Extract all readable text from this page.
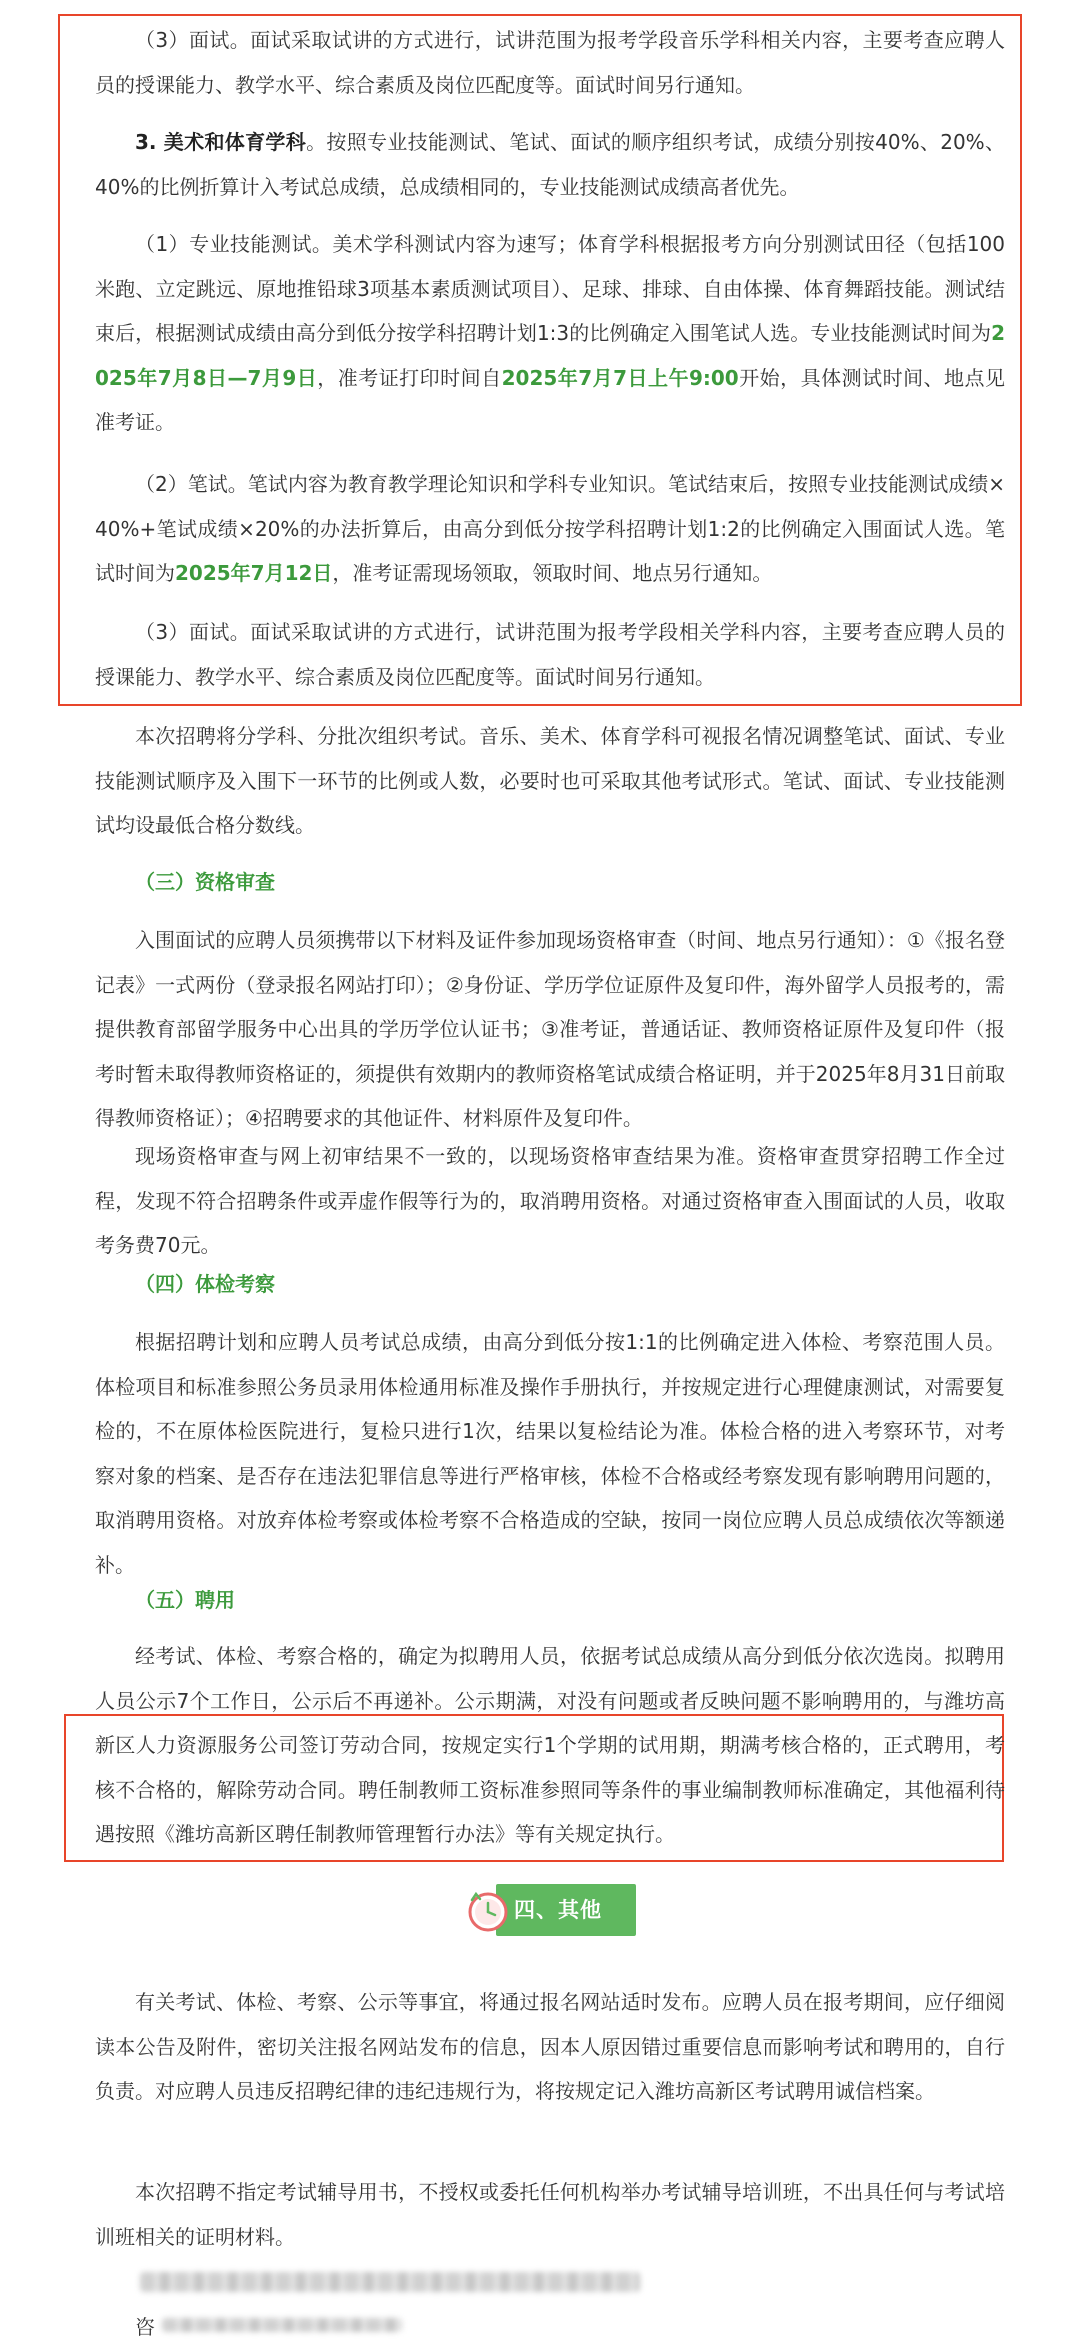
（3）面试。面试采取试讲的方式进行，试讲范围为报考学段音乐学科相关内容，主要考查应聘人员的授课能力、教学水平、综合素质及岗位匹配度等。面试时间另行通知。

3. 美术和体育学科。按照专业技能测试、笔试、面试的顺序组织考试，成绩分别按40%、20%、40%的比例折算计入考试总成绩，总成绩相同的，专业技能测试成绩高者优先。

（1）专业技能测试。美术学科测试内容为速写；体育学科根据报考方向分别测试田径（包括100米跑、立定跳远、原地推铅球3项基本素质测试项目）、足球、排球、自由体操、体育舞蹈技能。测试结束后，根据测试成绩由高分到低分按学科招聘计划1:3的比例确定入围笔试人选。专业技能测试时间为2025年7月8日—7月9日，准考证打印时间自2025年7月7日上午9:00开始，具体测试时间、地点见准考证。

（2）笔试。笔试内容为教育教学理论知识和学科专业知识。笔试结束后，按照专业技能测试成绩×40%+笔试成绩×20%的办法折算后，由高分到低分按学科招聘计划1:2的比例确定入围面试人选。笔试时间为2025年7月12日，准考证需现场领取，领取时间、地点另行通知。

（3）面试。面试采取试讲的方式进行，试讲范围为报考学段相关学科内容，主要考查应聘人员的授课能力、教学水平、综合素质及岗位匹配度等。面试时间另行通知。

本次招聘将分学科、分批次组织考试。音乐、美术、体育学科可视报名情况调整笔试、面试、专业技能测试顺序及入围下一环节的比例或人数，必要时也可采取其他考试形式。笔试、面试、专业技能测试均设最低合格分数线。

（三）资格审查

入围面试的应聘人员须携带以下材料及证件参加现场资格审查（时间、地点另行通知）：①《报名登记表》一式两份（登录报名网站打印）；②身份证、学历学位证原件及复印件，海外留学人员报考的，需提供教育部留学服务中心出具的学历学位认证书；③准考证，普通话证、教师资格证原件及复印件（报考时暂未取得教师资格证的，须提供有效期内的教师资格笔试成绩合格证明，并于2025年8月31日前取得教师资格证）；④招聘要求的其他证件、材料原件及复印件。

现场资格审查与网上初审结果不一致的，以现场资格审查结果为准。资格审查贯穿招聘工作全过程，发现不符合招聘条件或弄虚作假等行为的，取消聘用资格。对通过资格审查入围面试的人员，收取考务费70元。

（四）体检考察

根据招聘计划和应聘人员考试总成绩，由高分到低分按1:1的比例确定进入体检、考察范围人员。体检项目和标准参照公务员录用体检通用标准及操作手册执行，并按规定进行心理健康测试，对需要复检的，不在原体检医院进行，复检只进行1次，结果以复检结论为准。体检合格的进入考察环节，对考察对象的档案、是否存在违法犯罪信息等进行严格审核，体检不合格或经考察发现有影响聘用问题的，取消聘用资格。对放弃体检考察或体检考察不合格造成的空缺，按同一岗位应聘人员总成绩依次等额递补。

（五）聘用

经考试、体检、考察合格的，确定为拟聘用人员，依据考试总成绩从高分到低分依次选岗。拟聘用人员公示7个工作日，公示后不再递补。公示期满，对没有问题或者反映问题不影响聘用的，与潍坊高新区人力资源服务公司签订劳动合同，按规定实行1个学期的试用期，期满考核合格的，正式聘用，考核不合格的，解除劳动合同。聘任制教师工资标准参照同等条件的事业编制教师标准确定，其他福利待遇按照《潍坊高新区聘任制教师管理暂行办法》等有关规定执行。

四、其他

有关考试、体检、考察、公示等事宜，将通过报名网站适时发布。应聘人员在报考期间，应仔细阅读本公告及附件，密切关注报名网站发布的信息，因本人原因错过重要信息而影响考试和聘用的，自行负责。对应聘人员违反招聘纪律的违纪违规行为，将按规定记入潍坊高新区考试聘用诚信档案。

本次招聘不指定考试辅导用书，不授权或委托任何机构举办考试辅导培训班，不出具任何与考试培训班相关的证明材料。

咨
